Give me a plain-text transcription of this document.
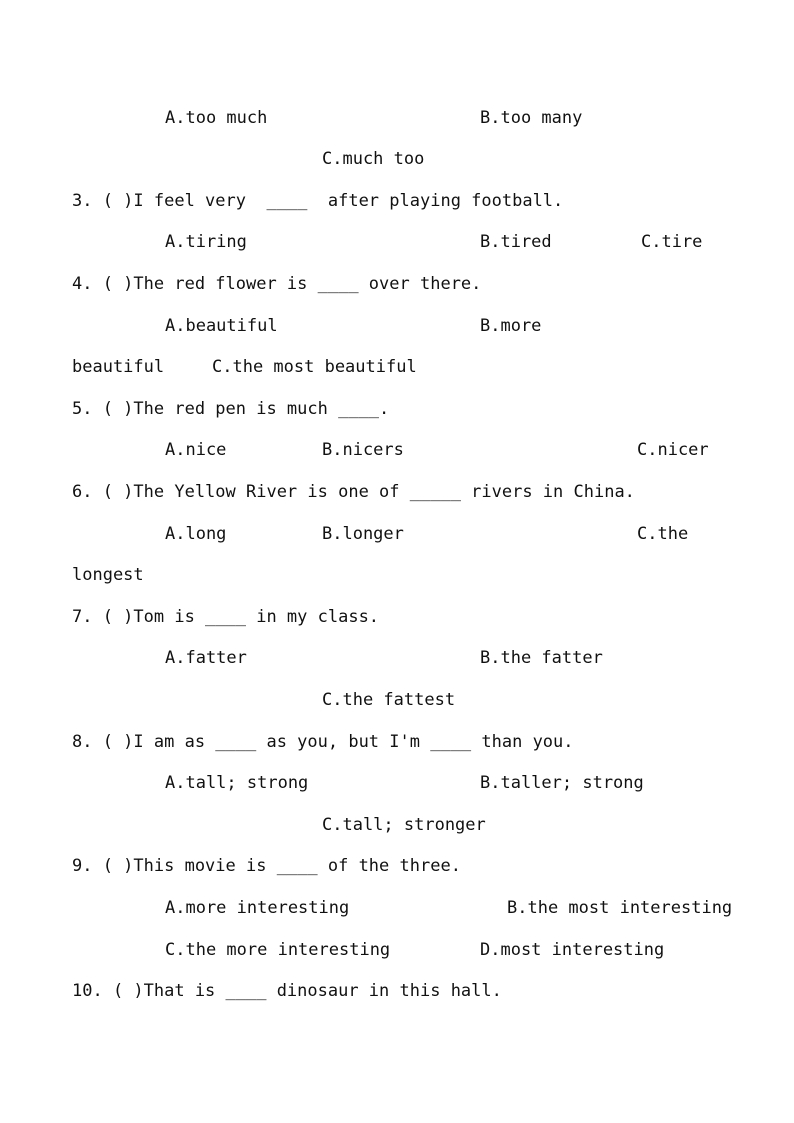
A.too much	B.too many
C.much too
3. ( )I feel very  ____  after playing football.
A.tiring	B.tired	C.tire
4. ( )The red flower is ____ over there.
A.beautiful	B.more
beautiful	C.the most beautiful
5. ( )The red pen is much ____.
A.nice	B.nicers	C.nicer
6. ( )The Yellow River is one of _____ rivers in China.
A.long	B.longer	C.the
longest
7. ( )Tom is ____ in my class.
A.fatter	B.the fatter
C.the fattest
8. ( )I am as ____ as you, but I'm ____ than you.
A.tall; strong	B.taller; strong
C.tall; stronger
9. ( )This movie is ____ of the three.
A.more interesting	B.the most interesting
C.the more interesting	D.most interesting
10. ( )That is ____ dinosaur in this hall.
